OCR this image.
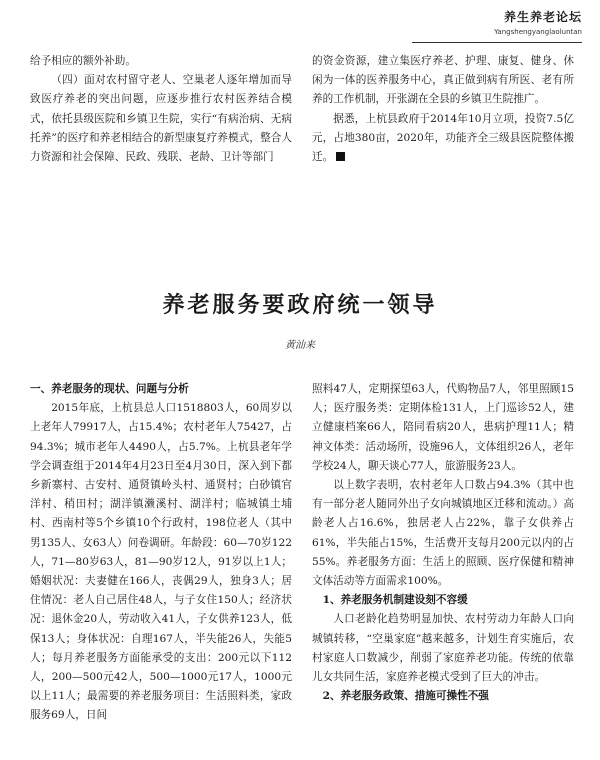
养生养老论坛
Yangshengyanglaoluntan

给予相应的额外补助。

（四）面对农村留守老人、空巢老人逐年增加而导致医疗养老的突出问题，应逐步推行农村医养结合模式，依托县级医院和乡镇卫生院，实行“有病治病、无病托养”的医疗和养老相结合的新型康复疗养模式，整合人力资源和社会保障、民政、残联、老龄、卫计等部门

的资金资源，建立集医疗养老、护理、康复、健身、休闲为一体的医养服务中心，真正做到病有所医、老有所养的工作机制，开张湖在全县的乡镇卫生院推广。

据悉，上杭县政府于2014年10月立项，投资7.5亿元，占地380亩，2020年，功能齐全三级县医院整体搬迁。

养老服务要政府统一领导
黄汕来

一、养老服务的现状、问题与分析

2015年底，上杭县总人口1518803人，60周岁以上老年人79917人，占15.4%；农村老年人75427，占94.3%；城市老年人4490人，占5.7%。上杭县老年学学会调查组于2014年4月23日至4月30日，深入到下都乡新寨村、古安村、通贤镇岭头村、通贤村；白砂镇官洋村、稍田村；湖洋镇濑溪村、湖洋村；临城镇土埔村、西南村等5个乡镇10个行政村，198位老人（其中男135人、女63人）问卷调研。年龄段：60—70岁122人，71—80岁63人，81—90岁12人，91岁以上1人；婚姻状况：夫妻健在166人，丧偶29人，独身3人；居住情况：老人自己居住48人，与子女住150人；经济状况：退休金20人，劳动收入41人，子女供养123人，低保13人；身体状况：自理167人，半失能26人，失能5人；每月养老服务方面能承受的支出：200元以下112人，200—500元42人，500—1000元17人，1000元以上11人；最需要的养老服务项目：生活照料类，家政服务69人，日间

照料47人，定期探望63人，代购物品7人，邻里照顾15人；医疗服务类：定期体检131人，上门巡诊52人，建立健康档案66人，陪同看病20人，患病护理11人；精神文体类：活动场所，设施96人，文体组织26人，老年学校24人，聊天谈心77人，旅游服务23人。

以上数字表明，农村老年人口数占94.3%（其中也有一部分老人随同外出子女向城镇地区迁移和流动。）高龄老人占16.6%，独居老人占22%，靠子女供养占61%，半失能占15%，生活费开支每月200元以内的占55%。养老服务方面：生活上的照顾、医疗保健和精神文体活动等方面需求100%。

1、养老服务机制建设刻不容缓

人口老龄化趋势明显加快、农村劳动力年龄人口向城镇转移，“空巢家庭”越来越多，计划生育实施后，农村家庭人口数减少，削弱了家庭养老功能。传统的依靠儿女共同生活，家庭养老模式受到了巨大的冲击。

2、养老服务政策、措施可操性不强
